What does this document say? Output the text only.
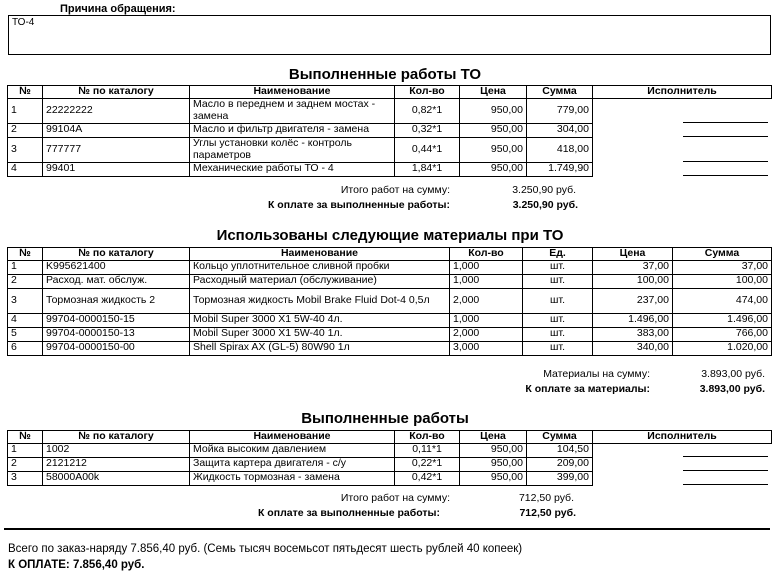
Причина обращения:
ТО-4
Выполненные работы ТО
№	№ по каталогу	Наименование	Кол-во	Цена	Сумма	Исполнитель
1	22222222	Масло в переднем и заднем мостах - замена	0,82*1	950,00	779,00	

2	99104A	Масло и фильтр двигателя - замена	0,32*1	950,00	304,00	

3	777777	Углы установки колёс - контроль параметров	0,44*1	950,00	418,00	

4	99401	Механические работы ТО - 4	1,84*1	950,00	1.749,90	
Итого работ на сумму:	3.250,90 руб.
К оплате за выполненные работы:	3.250,90 руб.
Использованы следующие материалы при ТО
№	№ по каталогу	Наименование	Кол-во	Ед.	Цена	Сумма
1	K995621400	Кольцо уплотнительное сливной пробки	1,000	шт.	37,00	37,00
2	Расход. мат. обслуж.	Расходный материал (обслуживание)	1,000	шт.	100,00	100,00
3	Тормозная жидкость 2	Тормозная жидкость Mobil Brake Fluid Dot-4 0,5л	2,000	шт.	237,00	474,00
4	99704-0000150-15	Mobil Super 3000 X1 5W-40 4л.	1,000	шт.	1.496,00	1.496,00
5	99704-0000150-13	Mobil Super 3000 X1 5W-40 1л.	2,000	шт.	383,00	766,00
6	99704-0000150-00	Shell Spirax AX (GL-5) 80W90 1л	3,000	шт.	340,00	1.020,00
Материалы на сумму:	3.893,00 руб.
К оплате за материалы:	3.893,00 руб.
Выполненные работы
№	№ по каталогу	Наименование	Кол-во	Цена	Сумма	Исполнитель
1	1002	Мойка высоким давлением	0,11*1	950,00	104,50	

2	2121212	Защита картера двигателя - с/у	0,22*1	950,00	209,00	

3	58000A00k	Жидкость тормозная - замена	0,42*1	950,00	399,00	
Итого работ на сумму:	712,50 руб.
К оплате за выполненные работы:	712,50 руб.
Всего по заказ-наряду 7.856,40 руб. (Семь тысяч восемьсот пятьдесят шесть рублей 40 копеек)
К ОПЛАТЕ: 7.856,40 руб.
